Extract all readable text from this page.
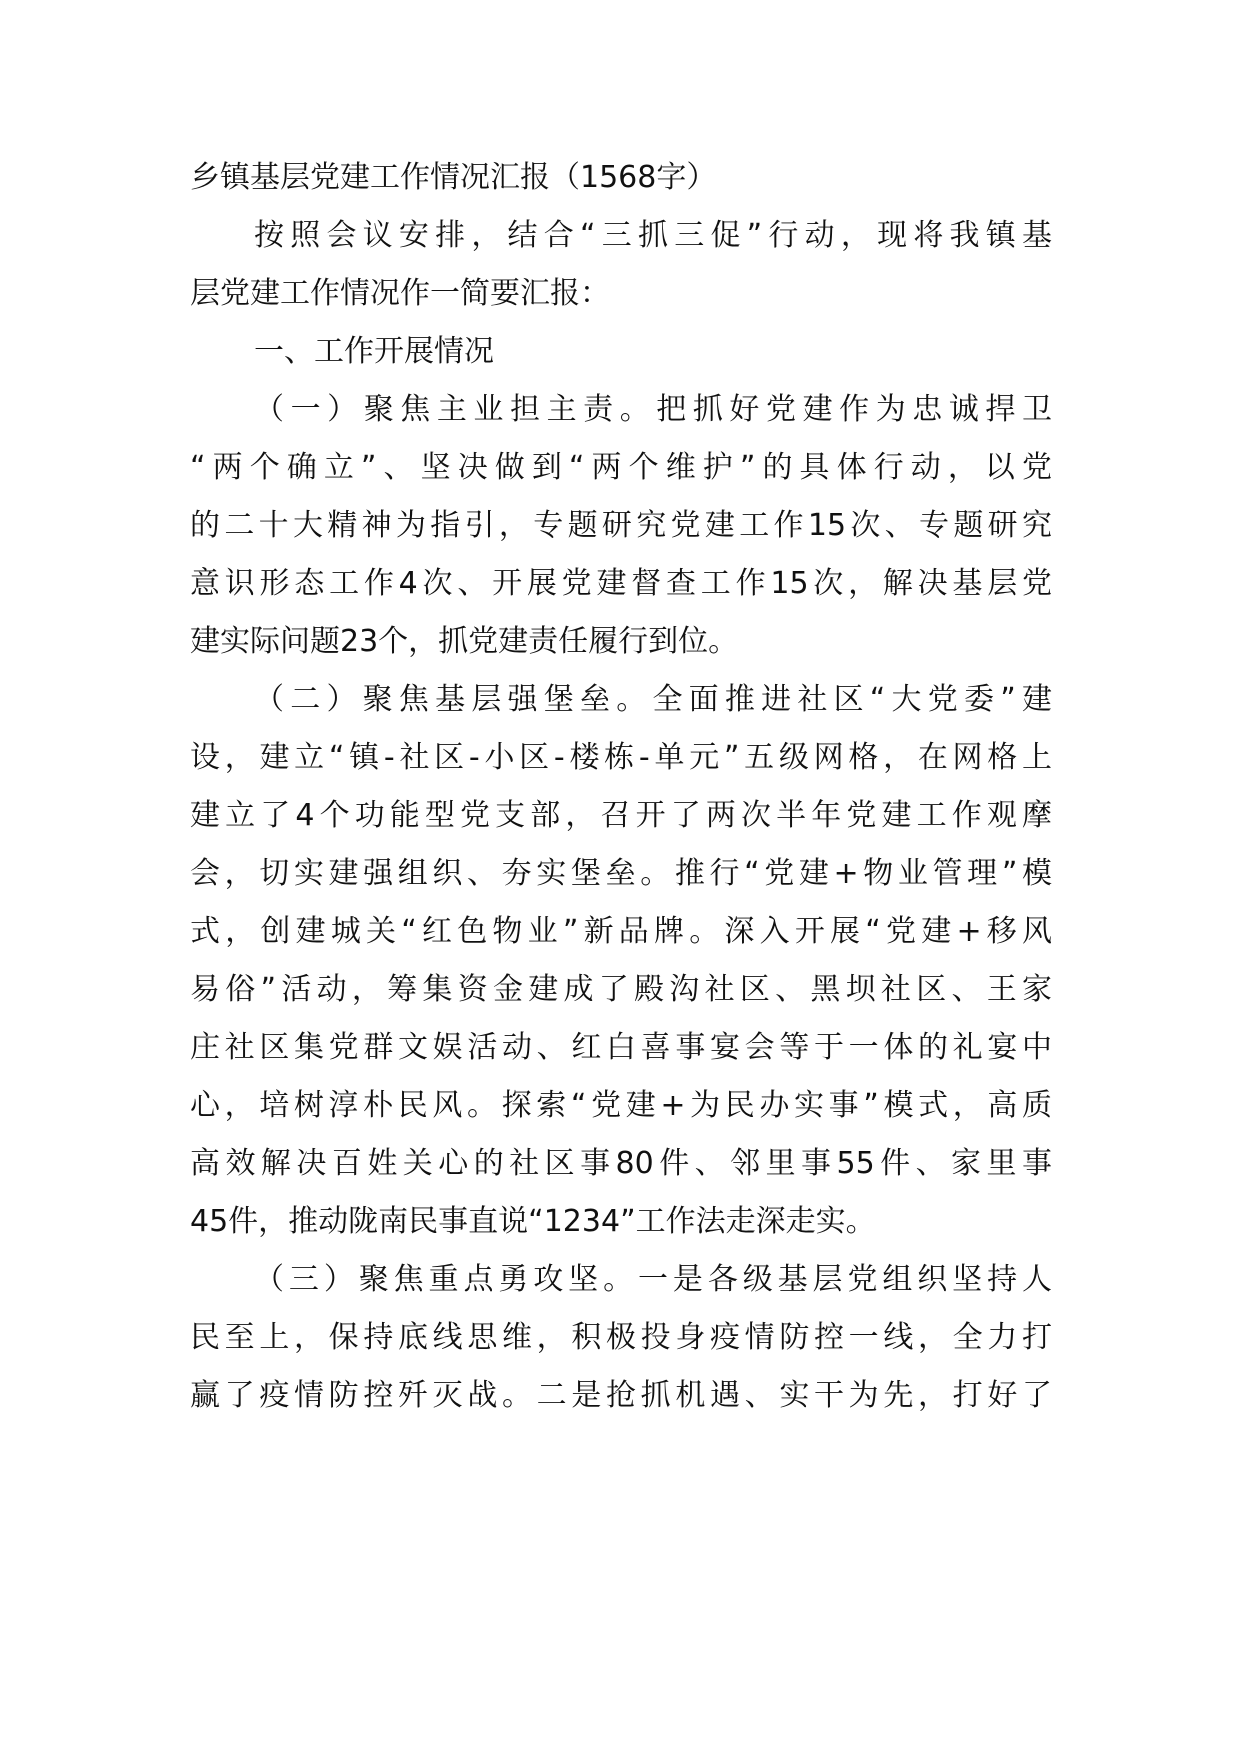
乡镇基层党建工作情况汇报（1568字）
按照会议安排，结合“三抓三促”行动，现将我镇基
层党建工作情况作一简要汇报：
一、工作开展情况
（一）聚焦主业担主责。把抓好党建作为忠诚捍卫
“两个确立”、坚决做到“两个维护”的具体行动，以党
的二十大精神为指引，专题研究党建工作15次、专题研究
意识形态工作4次、开展党建督查工作15次，解决基层党
建实际问题23个，抓党建责任履行到位。
（二）聚焦基层强堡垒。全面推进社区“大党委”建
设，建立“镇-社区-小区-楼栋-单元”五级网格，在网格上
建立了4个功能型党支部，召开了两次半年党建工作观摩
会，切实建强组织、夯实堡垒。推行“党建+物业管理”模
式，创建城关“红色物业”新品牌。深入开展“党建+移风
易俗”活动，筹集资金建成了殿沟社区、黑坝社区、王家
庄社区集党群文娱活动、红白喜事宴会等于一体的礼宴中
心，培树淳朴民风。探索“党建+为民办实事”模式，高质
高效解决百姓关心的社区事80件、邻里事55件、家里事
45件，推动陇南民事直说“1234”工作法走深走实。
（三）聚焦重点勇攻坚。一是各级基层党组织坚持人
民至上，保持底线思维，积极投身疫情防控一线，全力打
赢了疫情防控歼灭战。二是抢抓机遇、实干为先，打好了
